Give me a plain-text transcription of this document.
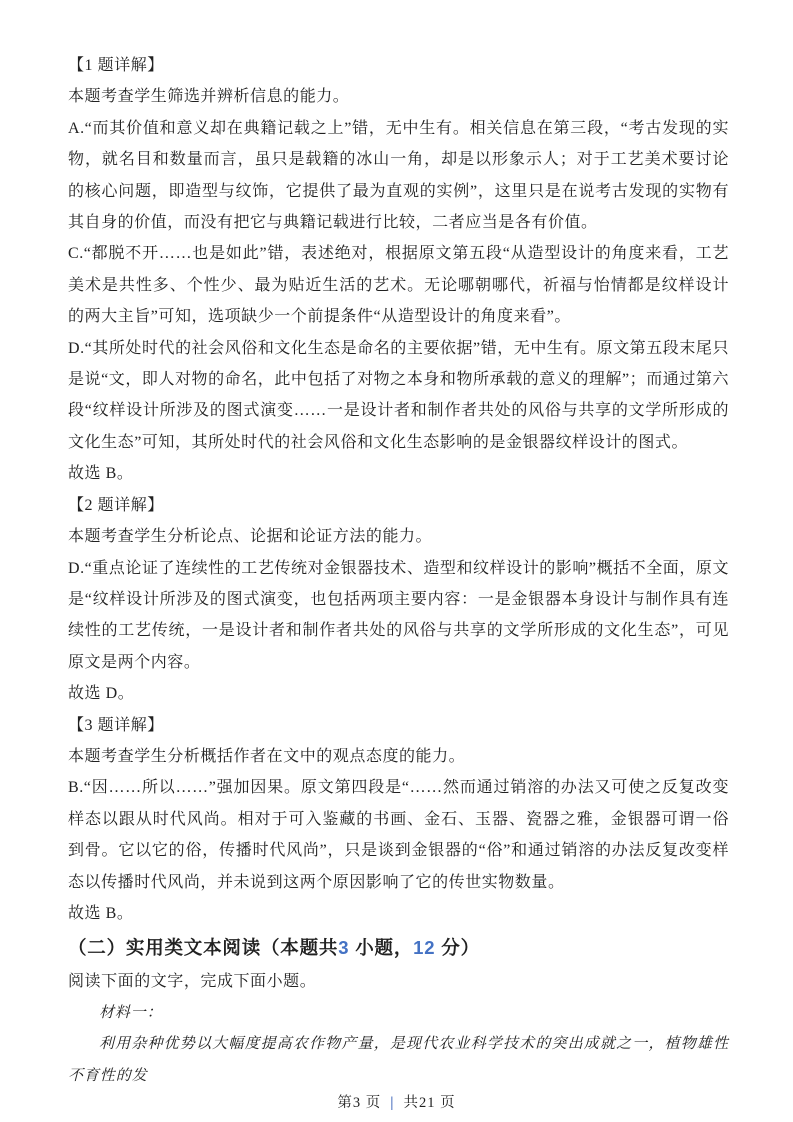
【1 题详解】

本题考查学生筛选并辨析信息的能力。

A.“而其价值和意义却在典籍记载之上”错，无中生有。相关信息在第三段，“考古发现的实物，就名目和数量而言，虽只是载籍的冰山一角，却是以形象示人；对于工艺美术要讨论的核心问题，即造型与纹饰，它提供了最为直观的实例”，这里只是在说考古发现的实物有其自身的价值，而没有把它与典籍记载进行比较，二者应当是各有价值。

C.“都脱不开……也是如此”错，表述绝对，根据原文第五段“从造型设计的角度来看，工艺美术是共性多、个性少、最为贴近生活的艺术。无论哪朝哪代，祈福与怡情都是纹样设计的两大主旨”可知，选项缺少一个前提条件“从造型设计的角度来看”。

D.“其所处时代的社会风俗和文化生态是命名的主要依据”错，无中生有。原文第五段末尾只是说“文，即人对物的命名，此中包括了对物之本身和物所承载的意义的理解”；而通过第六段“纹样设计所涉及的图式演变……一是设计者和制作者共处的风俗与共享的文学所形成的文化生态”可知，其所处时代的社会风俗和文化生态影响的是金银器纹样设计的图式。

故选 B。

【2 题详解】

本题考查学生分析论点、论据和论证方法的能力。

D.“重点论证了连续性的工艺传统对金银器技术、造型和纹样设计的影响”概括不全面，原文是“纹样设计所涉及的图式演变，也包括两项主要内容：一是金银器本身设计与制作具有连续性的工艺传统，一是设计者和制作者共处的风俗与共享的文学所形成的文化生态”，可见原文是两个内容。

故选 D。

【3 题详解】

本题考查学生分析概括作者在文中的观点态度的能力。

B.“因……所以……”强加因果。原文第四段是“……然而通过销溶的办法又可使之反复改变样态以跟从时代风尚。相对于可入鉴藏的书画、金石、玉器、瓷器之雅，金银器可谓一俗到骨。它以它的俗，传播时代风尚”，只是谈到金银器的“俗”和通过销溶的办法反复改变样态以传播时代风尚，并未说到这两个原因影响了它的传世实物数量。

故选 B。

（二）实用类文本阅读（本题共3 小题，12 分）

阅读下面的文字，完成下面小题。

材料一：

利用杂种优势以大幅度提高农作物产量，是现代农业科学技术的突出成就之一，植物雄性不育性的发

第3 页 | 共21 页
